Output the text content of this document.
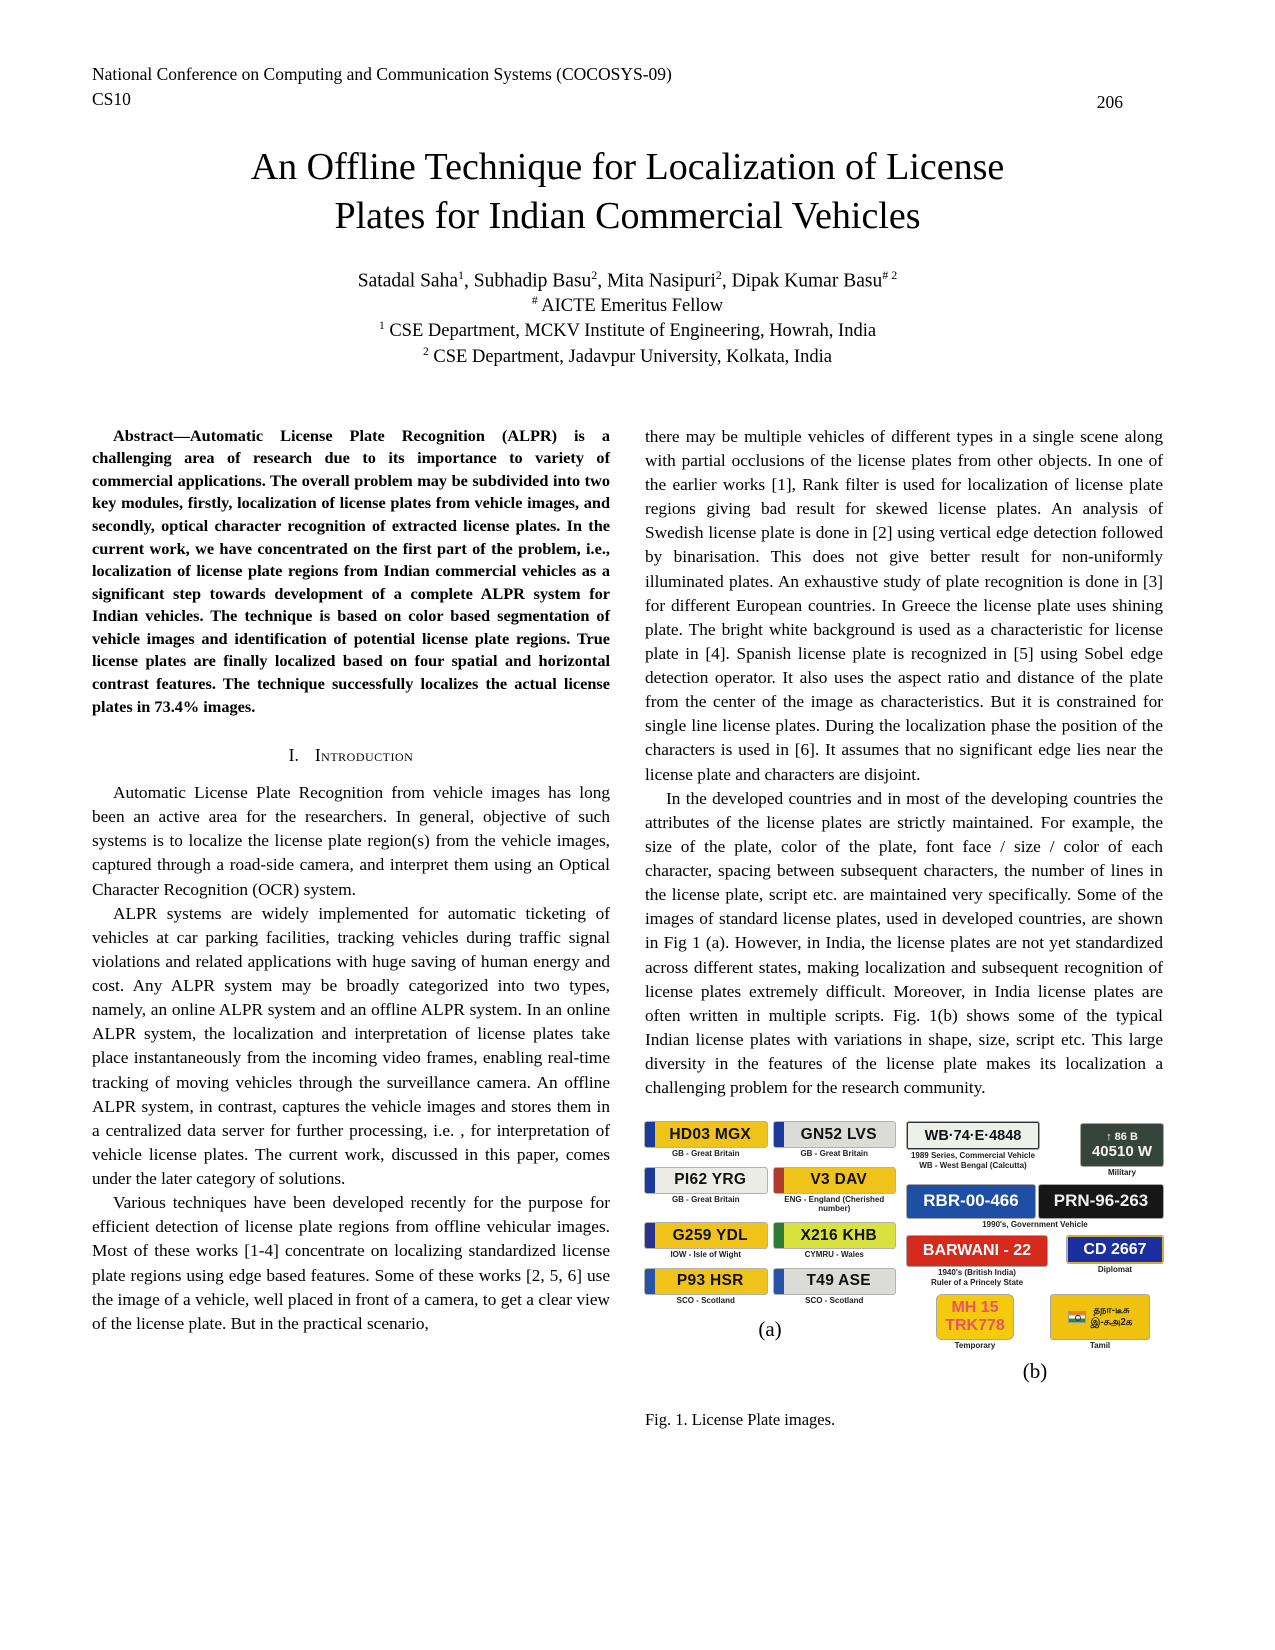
National Conference on Computing and Communication Systems (COCOSYS-09)
CS10	206
An Offline Technique for Localization of License
Plates for Indian Commercial Vehicles
Satadal Saha$^1$, Subhadip Basu$^2$, Mita Nasipuri$^2$, Dipak Kumar Basu$^{\# 2}$
# AICTE Emeritus Fellow
$^1$ CSE Department, MCKV Institute of Engineering, Howrah, India
$^2$ CSE Department, Jadavpur University, Kolkata, India

Abstract—Automatic License Plate Recognition (ALPR) is a challenging area of research due to its importance to variety of commercial applications. The overall problem may be subdivided into two key modules, firstly, localization of license plates from vehicle images, and secondly, optical character recognition of extracted license plates. In the current work, we have concentrated on the first part of the problem, i.e., localization of license plate regions from Indian commercial vehicles as a significant step towards development of a complete ALPR system for Indian vehicles. The technique is based on color based segmentation of vehicle images and identification of potential license plate regions. True license plates are finally localized based on four spatial and horizontal contrast features. The technique successfully localizes the actual license plates in 73.4% images.

I. Introduction

Automatic License Plate Recognition from vehicle images has long been an active area for the researchers. In general, objective of such systems is to localize the license plate region(s) from the vehicle images, captured through a road-side camera, and interpret them using an Optical Character Recognition (OCR) system.

ALPR systems are widely implemented for automatic ticketing of vehicles at car parking facilities, tracking vehicles during traffic signal violations and related applications with huge saving of human energy and cost. Any ALPR system may be broadly categorized into two types, namely, an online ALPR system and an offline ALPR system. In an online ALPR system, the localization and interpretation of license plates take place instantaneously from the incoming video frames, enabling real-time tracking of moving vehicles through the surveillance camera. An offline ALPR system, in contrast, captures the vehicle images and stores them in a centralized data server for further processing, i.e. , for interpretation of vehicle license plates. The current work, discussed in this paper, comes under the later category of solutions.

Various techniques have been developed recently for the purpose for efficient detection of license plate regions from offline vehicular images. Most of these works [1-4] concentrate on localizing standardized license plate regions using edge based features. Some of these works [2, 5, 6] use the image of a vehicle, well placed in front of a camera, to get a clear view of the license plate. But in the practical scenario,

there may be multiple vehicles of different types in a single scene along with partial occlusions of the license plates from other objects. In one of the earlier works [1], Rank filter is used for localization of license plate regions giving bad result for skewed license plates. An analysis of Swedish license plate is done in [2] using vertical edge detection followed by binarisation. This does not give better result for non-uniformly illuminated plates. An exhaustive study of plate recognition is done in [3] for different European countries. In Greece the license plate uses shining plate. The bright white background is used as a characteristic for license plate in [4]. Spanish license plate is recognized in [5] using Sobel edge detection operator. It also uses the aspect ratio and distance of the plate from the center of the image as characteristics. But it is constrained for single line license plates. During the localization phase the position of the characters is used in [6]. It assumes that no significant edge lies near the license plate and characters are disjoint.

In the developed countries and in most of the developing countries the attributes of the license plates are strictly maintained. For example, the size of the plate, color of the plate, font face / size / color of each character, spacing between subsequent characters, the number of lines in the license plate, script etc. are maintained very specifically. Some of the images of standard license plates, used in developed countries, are shown in Fig 1 (a). However, in India, the license plates are not yet standardized across different states, making localization and subsequent recognition of license plates extremely difficult. Moreover, in India license plates are often written in multiple scripts. Fig. 1(b) shows some of the typical Indian license plates with variations in shape, size, script etc. This large diversity in the features of the license plate makes its localization a challenging problem for the research community.

HD03 MGX
GB - Great Britain
GN52 LVS
GB - Great Britain
PI62 YRG
GB - Great Britain
V3 DAV
ENG - England (Cherished number)
G259 YDL
IOW - Isle of Wight
X216 KHB
CYMRU - Wales
P93 HSR
SCO - Scotland
T49 ASE
SCO - Scotland
(a)
WB·74·E·4848
1989 Series, Commercial Vehicle
WB - West Bengal (Calcutta)
↑ 86 B
40510 W
Military
RBR-00-466 PRN-96-263
1990's, Government Vehicle
BARWANI - 22
1940's (British India)
Ruler of a Princely State
CD 2667
Diplomat
MH 15
TRK778
Temporary
தநா-டீசு
இ-சஅ2க
Tamil
(b)
Fig. 1. License Plate images.
